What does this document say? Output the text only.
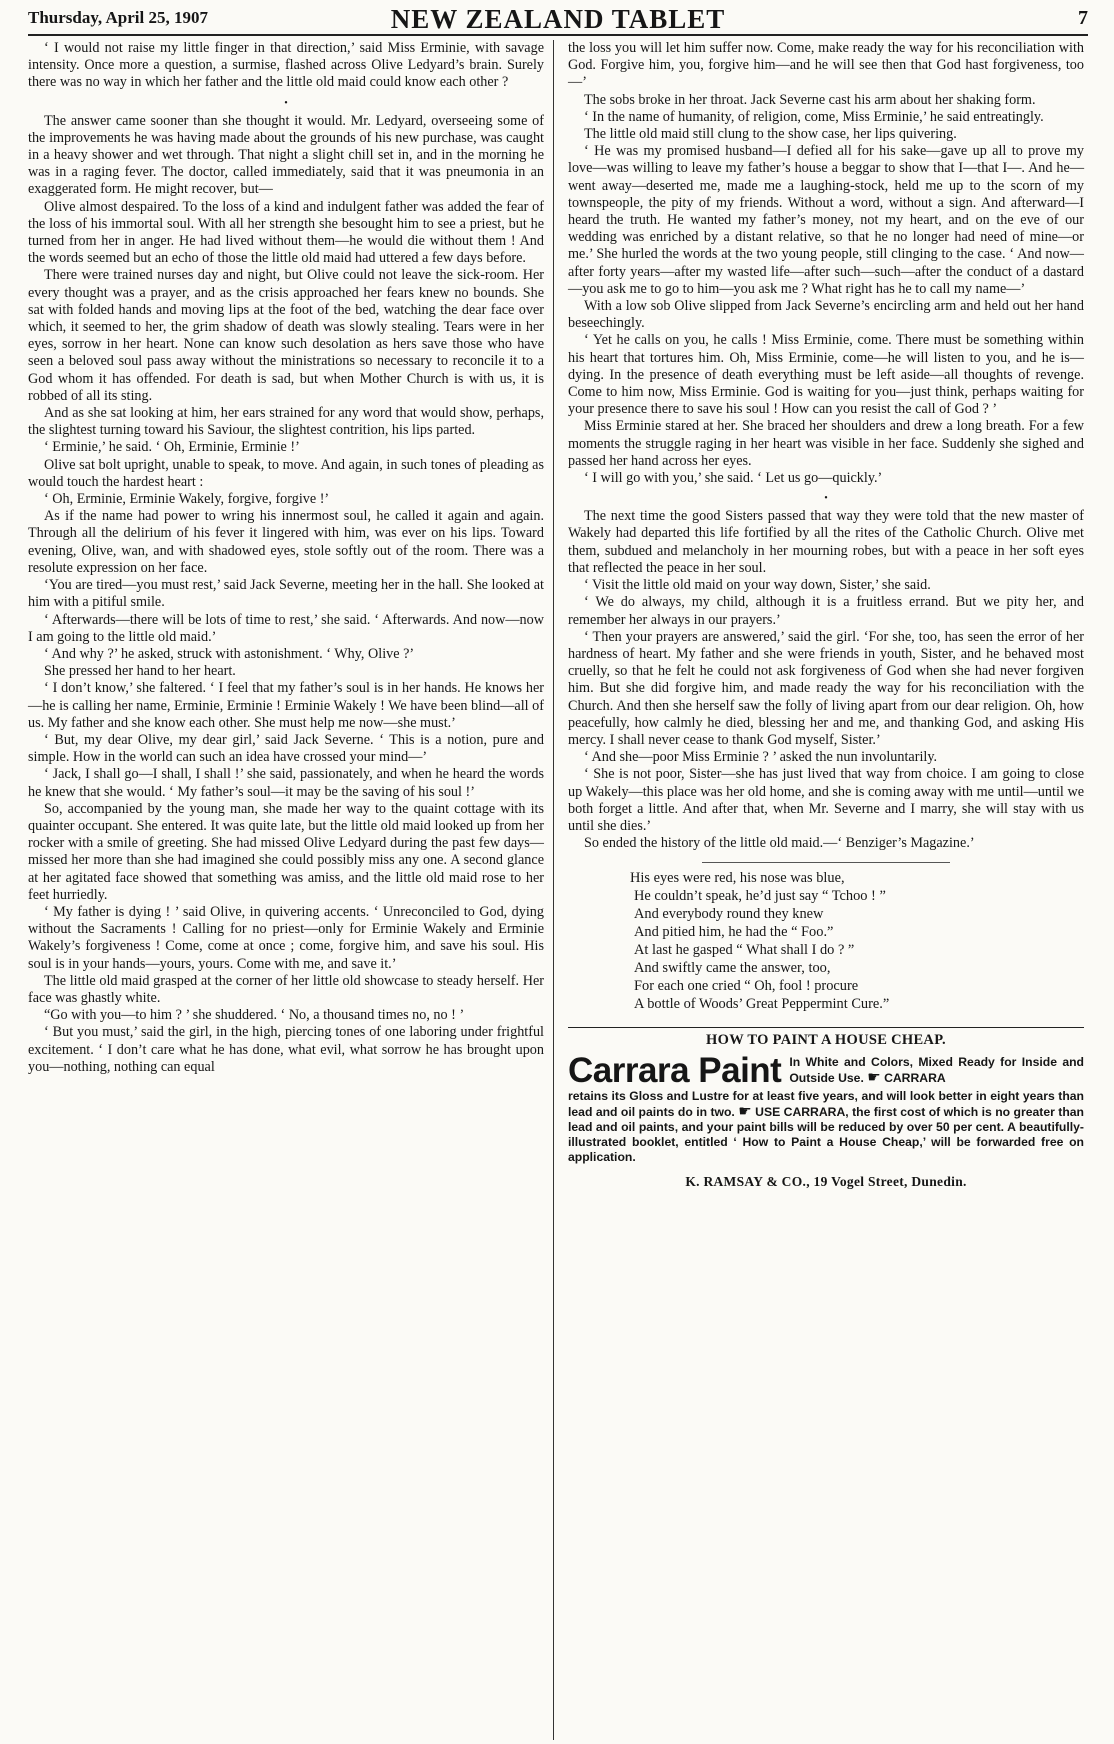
Thursday, April 25, 1907	NEW ZEALAND TABLET	7

‘ I would not raise my little finger in that direction,’ said Miss Erminie, with savage intensity. Once more a question, a surmise, flashed across Olive Ledyard’s brain. Surely there was no way in which her father and the little old maid could know each other ?

•

The answer came sooner than she thought it would. Mr. Ledyard, overseeing some of the improvements he was having made about the grounds of his new purchase, was caught in a heavy shower and wet through. That night a slight chill set in, and in the morning he was in a raging fever. The doctor, called immediately, said that it was pneumonia in an exaggerated form. He might recover, but—

Olive almost despaired. To the loss of a kind and indulgent father was added the fear of the loss of his immortal soul. With all her strength she besought him to see a priest, but he turned from her in anger. He had lived without them—he would die without them ! And the words seemed but an echo of those the little old maid had uttered a few days before.

There were trained nurses day and night, but Olive could not leave the sick-room. Her every thought was a prayer, and as the crisis approached her fears knew no bounds. She sat with folded hands and moving lips at the foot of the bed, watching the dear face over which, it seemed to her, the grim shadow of death was slowly stealing. Tears were in her eyes, sorrow in her heart. None can know such desolation as hers save those who have seen a beloved soul pass away without the ministrations so necessary to reconcile it to a God whom it has offended. For death is sad, but when Mother Church is with us, it is robbed of all its sting.

And as she sat looking at him, her ears strained for any word that would show, perhaps, the slightest turning toward his Saviour, the slightest contrition, his lips parted.

‘ Erminie,’ he said. ‘ Oh, Erminie, Erminie !’

Olive sat bolt upright, unable to speak, to move. And again, in such tones of pleading as would touch the hardest heart :

‘ Oh, Erminie, Erminie Wakely, forgive, forgive !’

As if the name had power to wring his innermost soul, he called it again and again. Through all the delirium of his fever it lingered with him, was ever on his lips. Toward evening, Olive, wan, and with shadowed eyes, stole softly out of the room. There was a resolute expression on her face.

‘You are tired—you must rest,’ said Jack Severne, meeting her in the hall. She looked at him with a pitiful smile.

‘ Afterwards—there will be lots of time to rest,’ she said. ‘ Afterwards. And now—now I am going to the little old maid.’

‘ And why ?’ he asked, struck with astonishment. ‘ Why, Olive ?’

She pressed her hand to her heart.

‘ I don’t know,’ she faltered. ‘ I feel that my father’s soul is in her hands. He knows her—he is calling her name, Erminie, Erminie ! Erminie Wakely ! We have been blind—all of us. My father and she know each other. She must help me now—she must.’

‘ But, my dear Olive, my dear girl,’ said Jack Severne. ‘ This is a notion, pure and simple. How in the world can such an idea have crossed your mind—’

‘ Jack, I shall go—I shall, I shall !’ she said, passionately, and when he heard the words he knew that she would. ‘ My father’s soul—it may be the saving of his soul !’

So, accompanied by the young man, she made her way to the quaint cottage with its quainter occupant. She entered. It was quite late, but the little old maid looked up from her rocker with a smile of greeting. She had missed Olive Ledyard during the past few days—missed her more than she had imagined she could possibly miss any one. A second glance at her agitated face showed that something was amiss, and the little old maid rose to her feet hurriedly.

‘ My father is dying ! ’ said Olive, in quivering accents. ‘ Unreconciled to God, dying without the Sacraments ! Calling for no priest—only for Erminie Wakely and Erminie Wakely’s forgiveness ! Come, come at once ; come, forgive him, and save his soul. His soul is in your hands—yours, yours. Come with me, and save it.’

The little old maid grasped at the corner of her little old showcase to steady herself. Her face was ghastly white.

“Go with you—to him ? ’ she shuddered. ‘ No, a thousand times no, no ! ’

‘ But you must,’ said the girl, in the high, piercing tones of one laboring under frightful excitement. ‘ I don’t care what he has done, what evil, what sorrow he has brought upon you—nothing, nothing can equal

the loss you will let him suffer now. Come, make ready the way for his reconciliation with God. Forgive him, you, forgive him—and he will see then that God hast forgiveness, too—’

The sobs broke in her throat. Jack Severne cast his arm about her shaking form.

‘ In the name of humanity, of religion, come, Miss Erminie,’ he said entreatingly.

The little old maid still clung to the show case, her lips quivering.

‘ He was my promised husband—I defied all for his sake—gave up all to prove my love—was willing to leave my father’s house a beggar to show that I—that I—. And he—went away—deserted me, made me a laughing-stock, held me up to the scorn of my townspeople, the pity of my friends. Without a word, without a sign. And afterward—I heard the truth. He wanted my father’s money, not my heart, and on the eve of our wedding was enriched by a distant relative, so that he no longer had need of mine—or me.’ She hurled the words at the two young people, still clinging to the case. ‘ And now—after forty years—after my wasted life—after such—such—after the conduct of a dastard—you ask me to go to him—you ask me ? What right has he to call my name—’

With a low sob Olive slipped from Jack Severne’s encircling arm and held out her hand beseechingly.

‘ Yet he calls on you, he calls ! Miss Erminie, come. There must be something within his heart that tortures him. Oh, Miss Erminie, come—he will listen to you, and he is—dying. In the presence of death everything must be left aside—all thoughts of revenge. Come to him now, Miss Erminie. God is waiting for you—just think, perhaps waiting for your presence there to save his soul ! How can you resist the call of God ? ’

Miss Erminie stared at her. She braced her shoulders and drew a long breath. For a few moments the struggle raging in her heart was visible in her face. Suddenly she sighed and passed her hand across her eyes.

‘ I will go with you,’ she said. ‘ Let us go—quickly.’

•

The next time the good Sisters passed that way they were told that the new master of Wakely had departed this life fortified by all the rites of the Catholic Church. Olive met them, subdued and melancholy in her mourning robes, but with a peace in her soft eyes that reflected the peace in her soul.

‘ Visit the little old maid on your way down, Sister,’ she said.

‘ We do always, my child, although it is a fruitless errand. But we pity her, and remember her always in our prayers.’

‘ Then your prayers are answered,’ said the girl. ‘For she, too, has seen the error of her hardness of heart. My father and she were friends in youth, Sister, and he behaved most cruelly, so that he felt he could not ask forgiveness of God when she had never forgiven him. But she did forgive him, and made ready the way for his reconciliation with the Church. And then she herself saw the folly of living apart from our dear religion. Oh, how peacefully, how calmly he died, blessing her and me, and thanking God, and asking His mercy. I shall never cease to thank God myself, Sister.’

‘ And she—poor Miss Erminie ? ’ asked the nun involuntarily.

‘ She is not poor, Sister—she has just lived that way from choice. I am going to close up Wakely—this place was her old home, and she is coming away with me until—until we both forget a little. And after that, when Mr. Severne and I marry, she will stay with us until she dies.’

So ended the history of the little old maid.—‘ Benziger’s Magazine.’

His eyes were red, his nose was blue,
He couldn’t speak, he’d just say “ Tchoo ! ”
And everybody round they knew
And pitied him, he had the “ Foo.”
At last he gasped “ What shall I do ? ”
And swiftly came the answer, too,
For each one cried “ Oh, fool ! procure
A bottle of Woods’ Great Peppermint Cure.”
HOW TO PAINT A HOUSE CHEAP.
Carrara Paint In White and Colors, Mixed Ready for Inside and Outside Use. ☛ CARRARA
retains its Gloss and Lustre for at least five years, and will look better in eight years than lead and oil paints do in two. ☛ USE CARRARA, the first cost of which is no greater than lead and oil paints, and your paint bills will be reduced by over 50 per cent. A beautifully-illustrated booklet, entitled ‘ How to Paint a House Cheap,’ will be forwarded free on application.
K. RAMSAY & CO., 19 Vogel Street, Dunedin.
